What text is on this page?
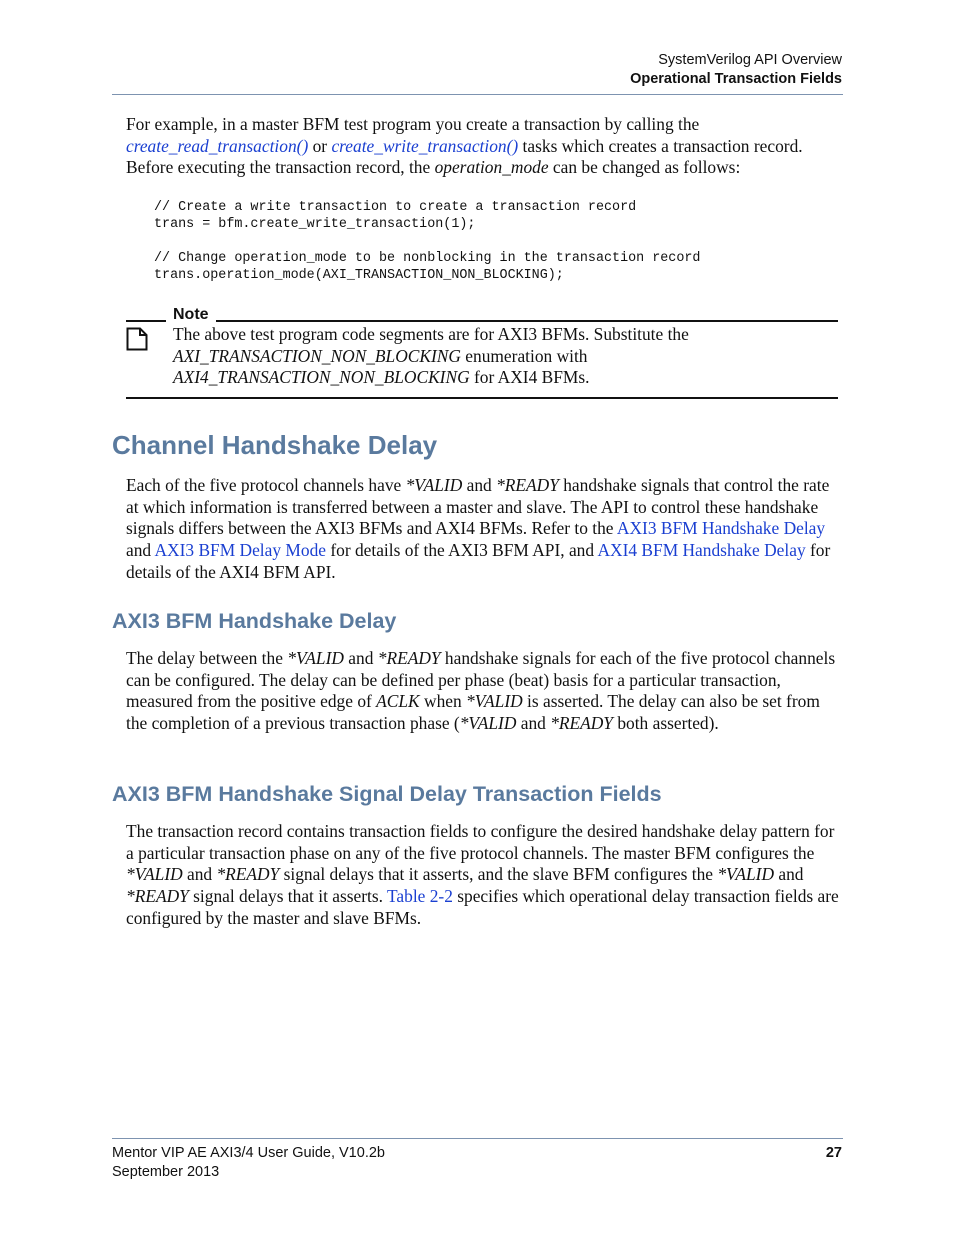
SystemVerilog API Overview
Operational Transaction Fields

For example, in a master BFM test program you create a transaction by calling the create_read_transaction() or create_write_transaction() tasks which creates a transaction record. Before executing the transaction record, the operation_mode can be changed as follows:

// Create a write transaction to create a transaction record
trans = bfm.create_write_transaction(1);

// Change operation_mode to be nonblocking in the transaction record
trans.operation_mode(AXI_TRANSACTION_NON_BLOCKING);
Note

The above test program code segments are for AXI3 BFMs. Substitute the AXI_TRANSACTION_NON_BLOCKING enumeration with AXI4_TRANSACTION_NON_BLOCKING for AXI4 BFMs.

Channel Handshake Delay

Each of the five protocol channels have *VALID and *READY handshake signals that control the rate at which information is transferred between a master and slave. The API to control these handshake signals differs between the AXI3 BFMs and AXI4 BFMs. Refer to the AXI3 BFM Handshake Delay and AXI3 BFM Delay Mode for details of the AXI3 BFM API, and AXI4 BFM Handshake Delay for details of the AXI4 BFM API.

AXI3 BFM Handshake Delay

The delay between the *VALID and *READY handshake signals for each of the five protocol channels can be configured. The delay can be defined per phase (beat) basis for a particular transaction, measured from the positive edge of ACLK when *VALID is asserted. The delay can also be set from the completion of a previous transaction phase (*VALID and *READY both asserted).

AXI3 BFM Handshake Signal Delay Transaction Fields

The transaction record contains transaction fields to configure the desired handshake delay pattern for a particular transaction phase on any of the five protocol channels. The master BFM configures the *VALID and *READY signal delays that it asserts, and the slave BFM configures the *VALID and *READY signal delays that it asserts. Table 2-2 specifies which operational delay transaction fields are configured by the master and slave BFMs.

Mentor VIP AE AXI3/4 User Guide, V10.2b
September 2013
27
